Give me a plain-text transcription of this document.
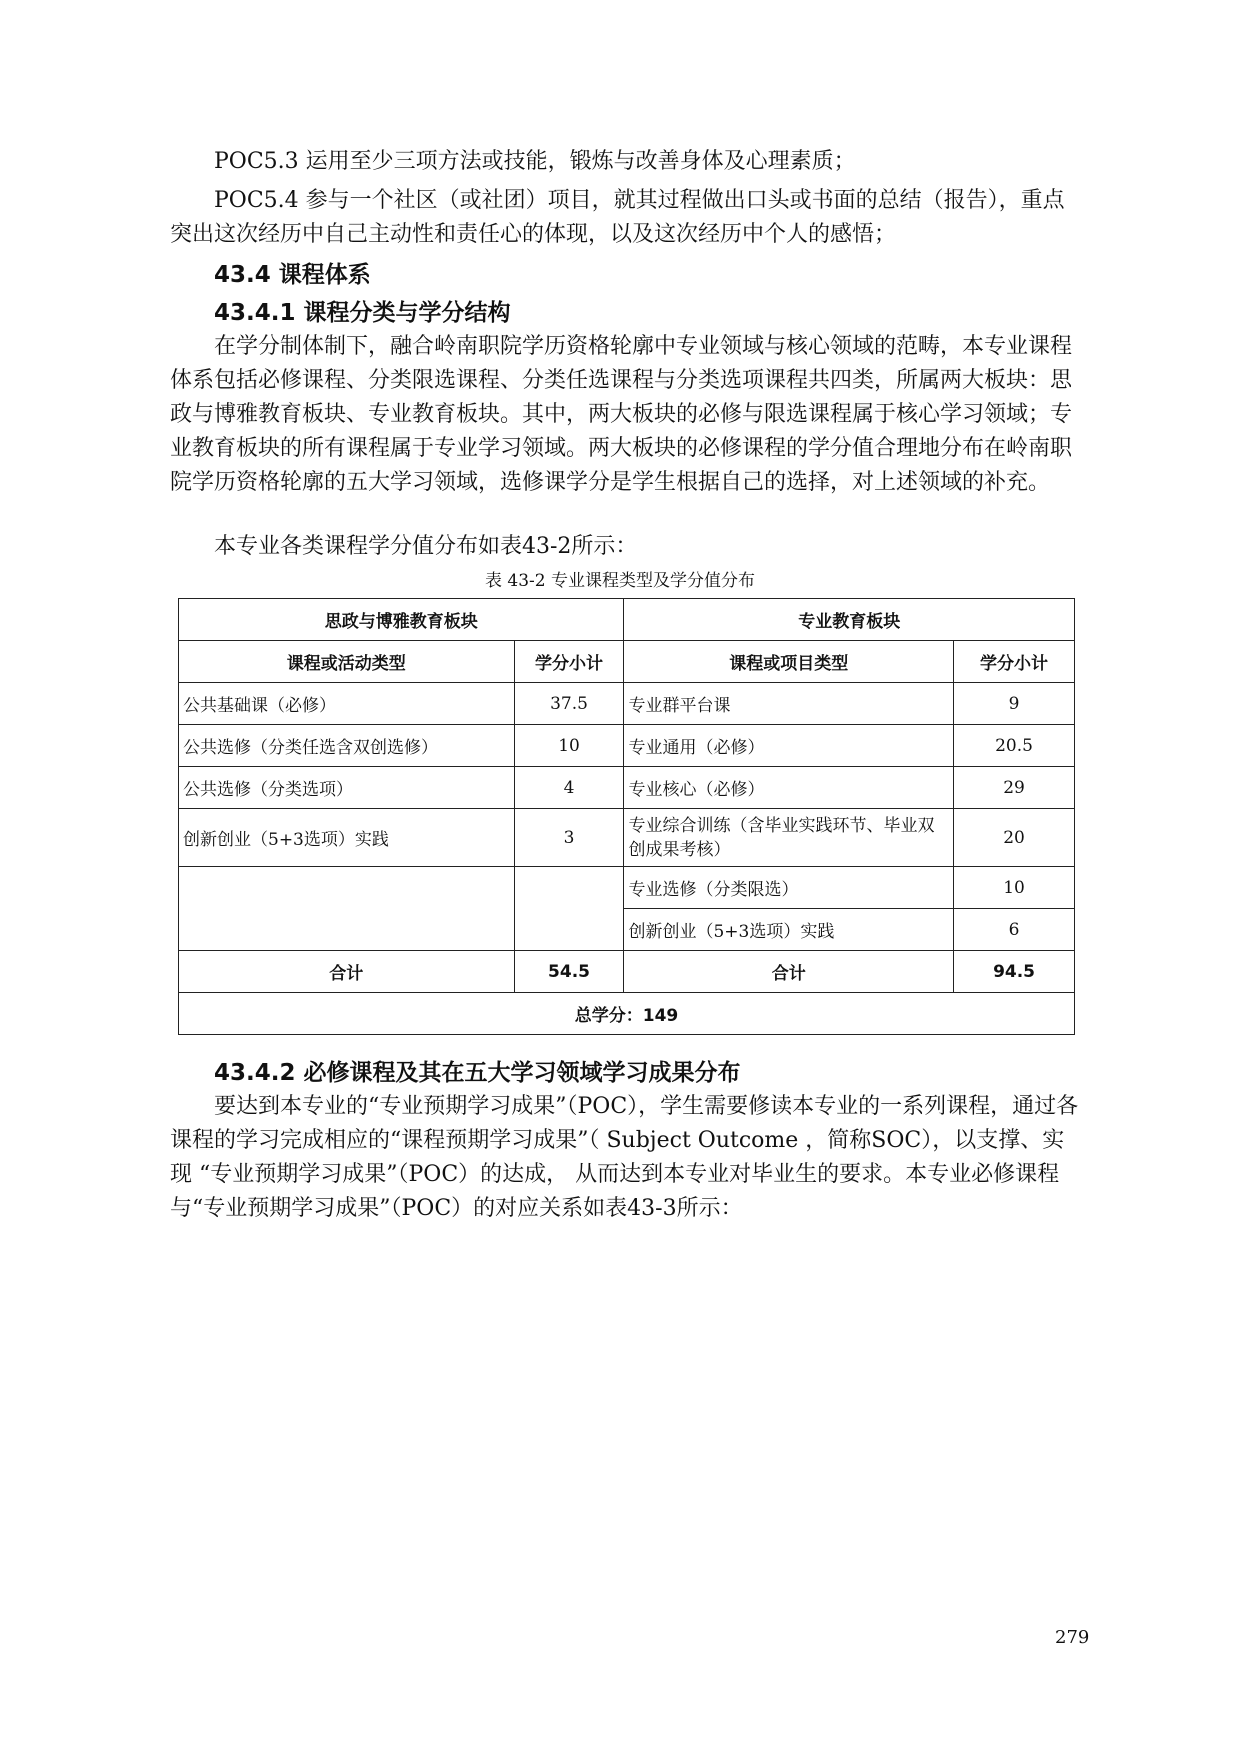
POC5.3 运用至少三项方法或技能，锻炼与改善身体及心理素质；

POC5.4 参与一个社区（或社团）项目，就其过程做出口头或书面的总结（报告），重点突出这次经历中自己主动性和责任心的体现，以及这次经历中个人的感悟；

43.4 课程体系
43.4.1 课程分类与学分结构

在学分制体制下，融合岭南职院学历资格轮廓中专业领域与核心领域的范畴，本专业课程体系包括必修课程、分类限选课程、分类任选课程与分类选项课程共四类，所属两大板块：思政与博雅教育板块、专业教育板块。其中，两大板块的必修与限选课程属于核心学习领域；专业教育板块的所有课程属于专业学习领域。两大板块的必修课程的学分值合理地分布在岭南职院学历资格轮廓的五大学习领域，选修课学分是学生根据自己的选择，对上述领域的补充。

本专业各类课程学分值分布如表43-2所示：

表 43-2 专业课程类型及学分值分布

思政与博雅教育板块		专业教育板块	
课程或活动类型	学分小计	课程或项目类型	学分小计
公共基础课（必修）	37.5	专业群平台课	9
公共选修（分类任选含双创选修）	10	专业通用（必修）	20.5
公共选修（分类选项）	4	专业核心（必修）	29
创新创业（5+3选项）实践	3	专业综合训练（含毕业实践环节、毕业双创成果考核）	20
		专业选修（分类限选）	10
		创新创业（5+3选项）实践	6
合计	54.5	合计	94.5
总学分：149			
43.4.2 必修课程及其在五大学习领域学习成果分布

要达到本专业的“专业预期学习成果”（POC），学生需要修读本专业的一系列课程，通过各课程的学习完成相应的“课程预期学习成果”（ Subject Outcome ，简称SOC），以支撑、实现 “专业预期学习成果”（POC）的达成， 从而达到本专业对毕业生的要求。本专业必修课程与“专业预期学习成果”（POC）的对应关系如表43-3所示：

279
